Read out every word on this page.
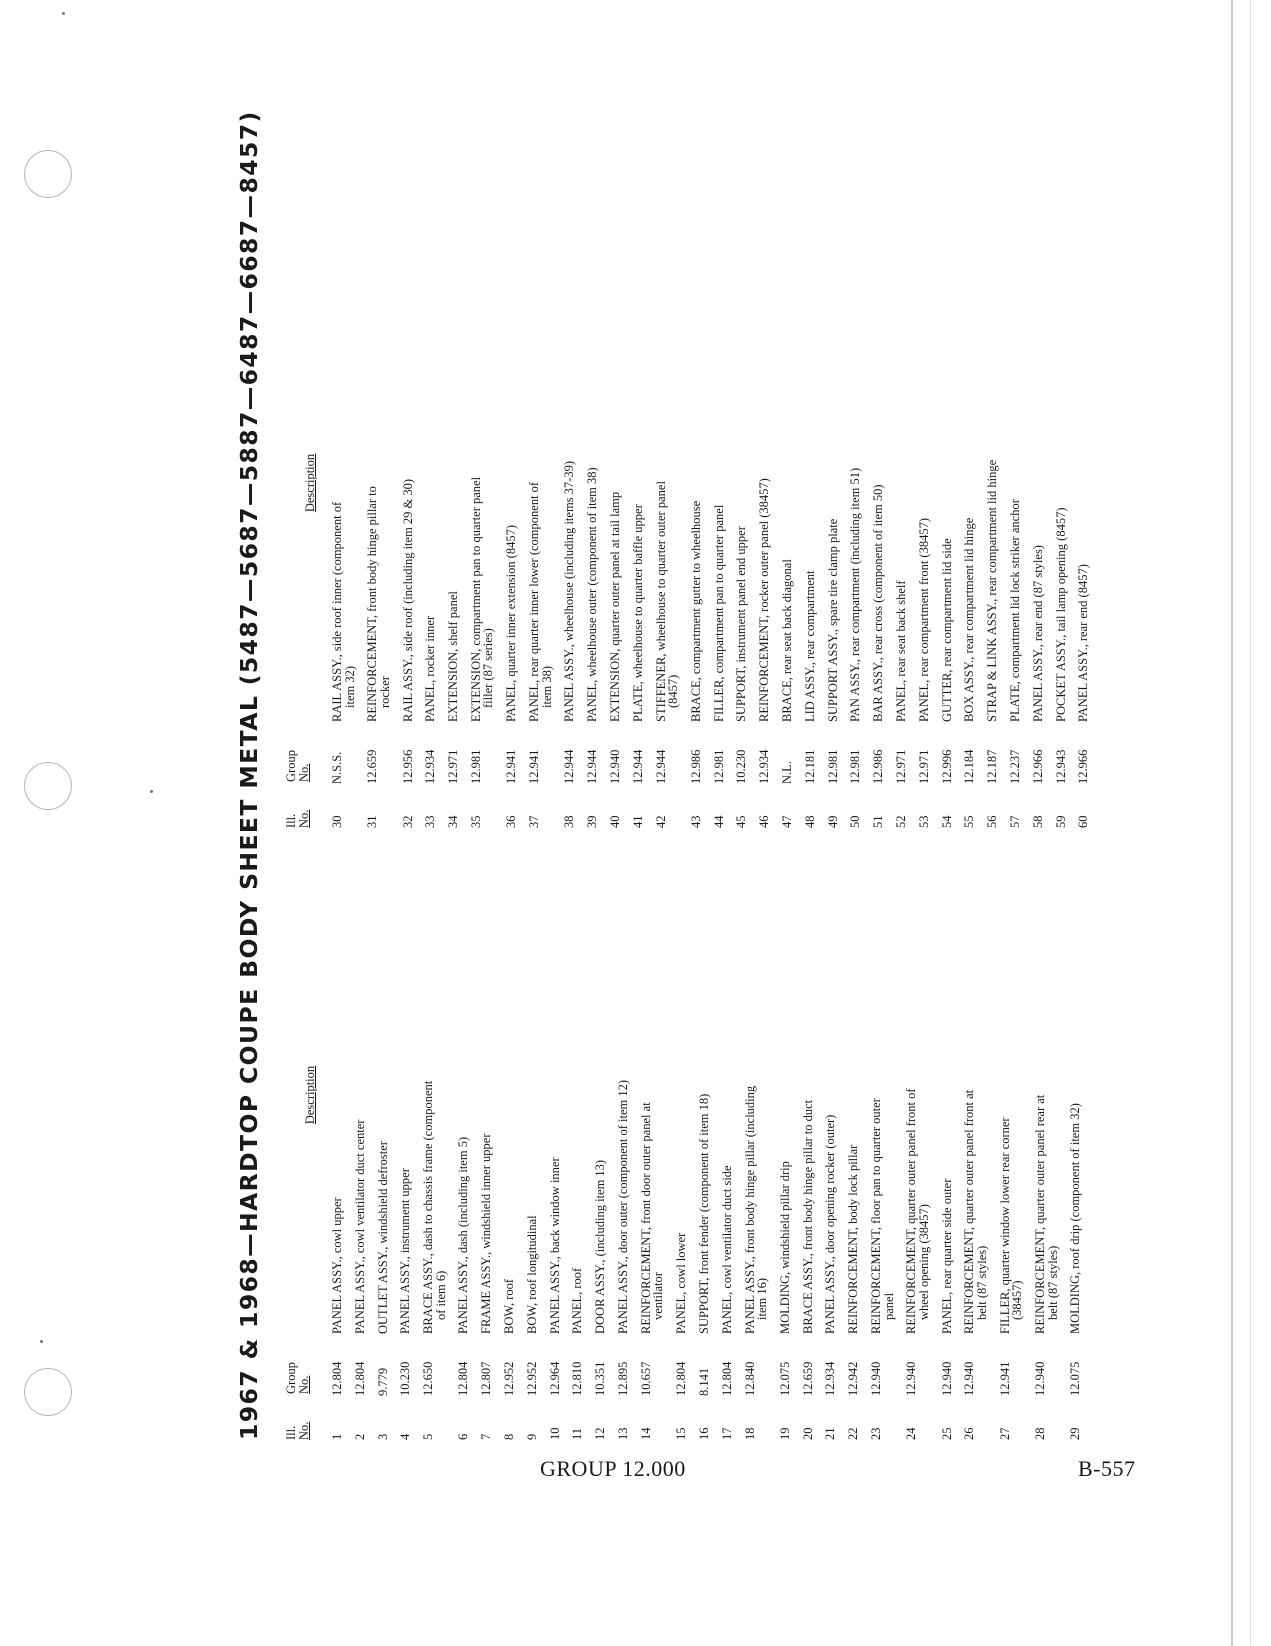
1967 & 1968—HARDTOP COUPE BODY SHEET METAL (5487—5687—5887—6487—6687—8457) Ill. No.
Group No.
Description
1
12.804
PANEL ASSY., cowl upper
2
12.804
PANEL ASSY., cowl ventilator duct center
3
9.779
OUTLET ASSY., windshield defroster
4
10.230
PANEL ASSY., instrument upper
5
12.650
BRACE ASSY., dash to chassis frame (component
of item 6)
6
12.804
PANEL ASSY., dash (including item 5)
7
12.807
FRAME ASSY., windshield inner upper
8
12.952
BOW, roof
9
12.952
BOW, roof longitudinal
10
12.964
PANEL ASSY., back window inner
11
12.810
PANEL, roof
12
10.351
DOOR ASSY., (including item 13)
13
12.895
PANEL ASSY., door outer (component of item 12)
14
10.657
REINFORCEMENT, front door outer panel at
ventilator
15
12.804
PANEL, cowl lower
16
8.141
SUPPORT, front fender (component of item 18)
17
12.804
PANEL, cowl ventilator duct side
18
12.840
PANEL ASSY., front body hinge pillar (including
item 16)
19
12.075
MOLDING, windshield pillar drip
20
12.659
BRACE ASSY., front body hinge pillar to duct
21
12.934
PANEL ASSY., door opening rocker (outer)
22
12.942
REINFORCEMENT, body lock pillar
23
12.940
REINFORCEMENT, floor pan to quarter outer
panel
24
12.940
REINFORCEMENT, quarter outer panel front of
wheel opening (38457)
25
12.940
PANEL, rear quarter side outer
26
12.940
REINFORCEMENT, quarter outer panel front at
belt (87 styles)
27
12.941
FILLER, quarter window lower rear corner
(38457)
28
12.940
REINFORCEMENT, quarter outer panel rear at
belt (87 styles)
29
12.075
MOLDING, roof drip (component of item 32)
Ill. No.
Group No.
Description
30
N.S.S.
RAIL ASSY., side roof inner (component of
item 32)
31
12.659
REINFORCEMENT, front body hinge pillar to
rocker
32
12.956
RAIL ASSY., side roof (including item 29 & 30)
33
12.934
PANEL, rocker inner
34
12.971
EXTENSION, shelf panel
35
12.981
EXTENSION, compartment pan to quarter panel
filler (87 series)
36
12.941
PANEL, quarter inner extension (8457)
37
12.941
PANEL, rear quarter inner lower (component of
item 38)
38
12.944
PANEL ASSY., wheelhouse (including items 37-39)
39
12.944
PANEL, wheelhouse outer (component of item 38)
40
12.940
EXTENSION, quarter outer panel at tail lamp
41
12.944
PLATE, wheelhouse to quarter baffle upper
42
12.944
STIFFENER, wheelhouse to quarter outer panel
(8457)
43
12.986
BRACE, compartment gutter to wheelhouse
44
12.981
FILLER, compartment pan to quarter panel
45
10.230
SUPPORT, instrument panel end upper
46
12.934
REINFORCEMENT, rocker outer panel (38457)
47
N.L.
BRACE, rear seat back diagonal
48
12.181
LID ASSY., rear compartment
49
12.981
SUPPORT ASSY., spare tire clamp plate
50
12.981
PAN ASSY., rear compartment (including item 51)
51
12.986
BAR ASSY., rear cross (component of item 50)
52
12.971
PANEL, rear seat back shelf
53
12.971
PANEL, rear compartment front (38457)
54
12.996
GUTTER, rear compartment lid side
55
12.184
BOX ASSY., rear compartment lid hinge
56
12.187
STRAP & LINK ASSY., rear compartment lid hinge
57
12.237
PLATE, compartment lid lock striker anchor
58
12.966
PANEL ASSY., rear end (87 styles)
59
12.943
POCKET ASSY., tail lamp opening (8457)
60
12.966
PANEL ASSY., rear end (8457)
GROUP 12.000	B-557
